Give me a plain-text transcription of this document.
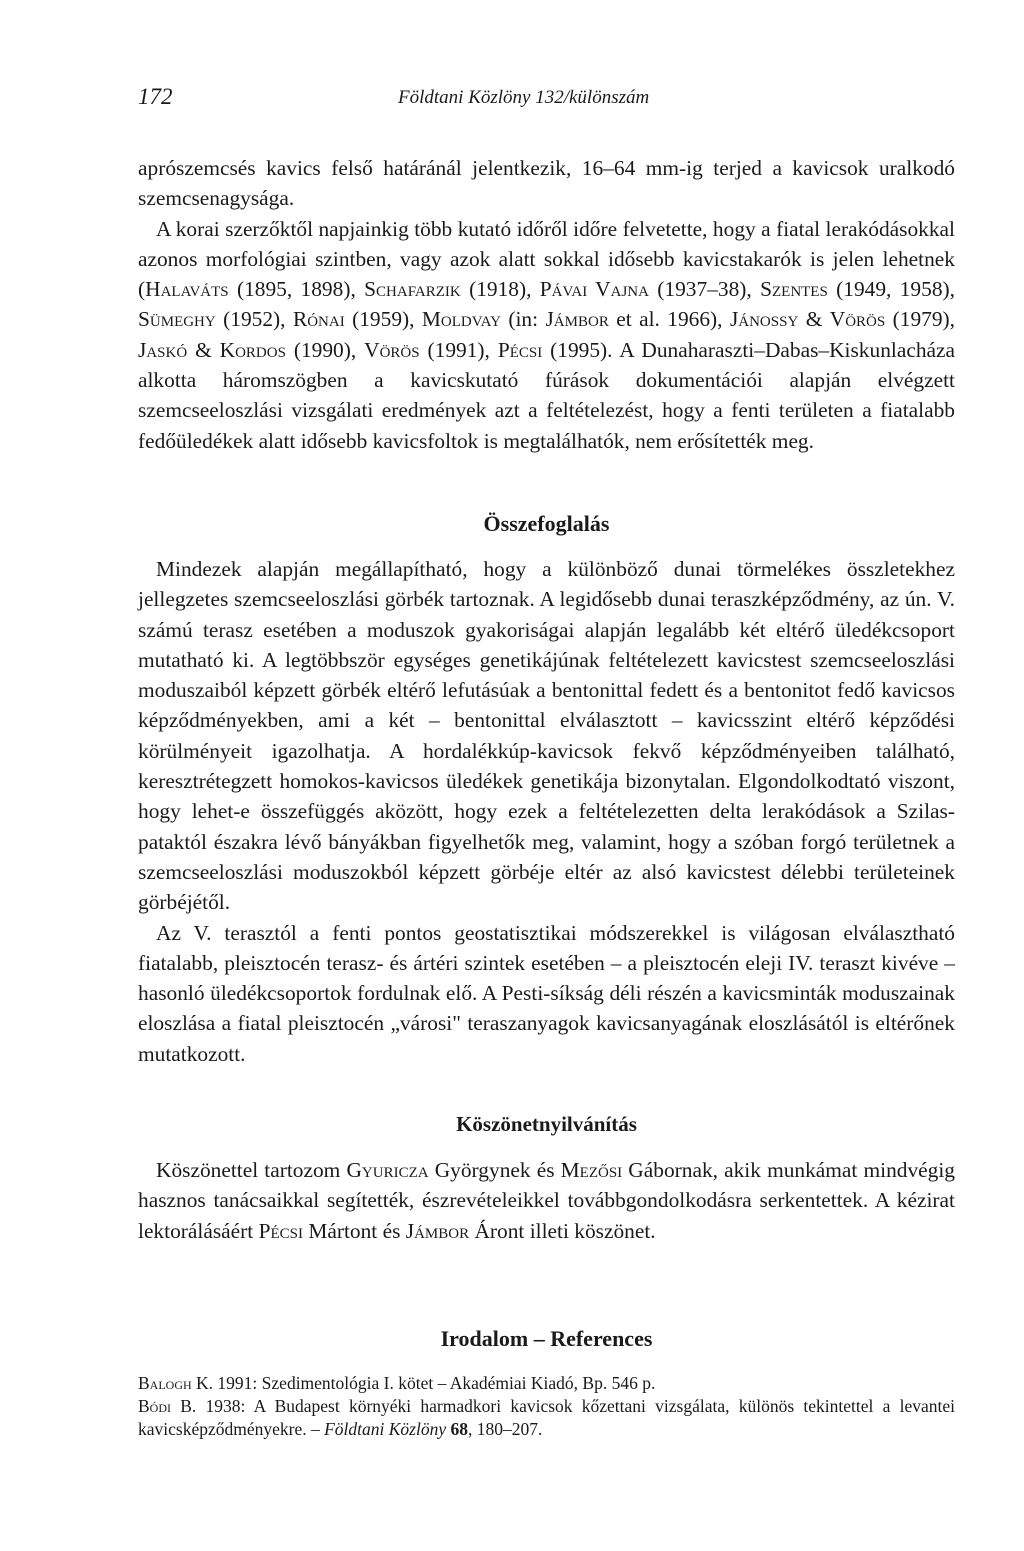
172	Földtani Közlöny 132/különszám

aprószemcsés kavics felső határánál jelentkezik, 16–64 mm-ig terjed a kavicsok uralkodó szemcsenagysága.

A korai szerzőktől napjainkig több kutató időről időre felvetette, hogy a fiatal lerakódásokkal azonos morfológiai szintben, vagy azok alatt sokkal idősebb kavicstakarók is jelen lehetnek (Halaváts (1895, 1898), Schafarzik (1918), Pávai Vajna (1937–38), Szentes (1949, 1958), Sümeghy (1952), Rónai (1959), Moldvay (in: Jámbor et al. 1966), Jánossy & Vörös (1979), Jaskó & Kordos (1990), Vörös (1991), Pécsi (1995). A Dunaharaszti–Dabas–Kiskunlacháza alkotta háromszögben a kavicskutató fúrások dokumentációi alapján elvégzett szemcseeloszlási vizsgálati eredmények azt a feltételezést, hogy a fenti területen a fiatalabb fedőüledékek alatt idősebb kavicsfoltok is megtalálhatók, nem erősítették meg.

Összefoglalás

Mindezek alapján megállapítható, hogy a különböző dunai törmelékes összletekhez jellegzetes szemcseeloszlási görbék tartoznak. A legidősebb dunai teraszképződmény, az ún. V. számú terasz esetében a moduszok gyakoriságai alapján legalább két eltérő üledékcsoport mutatható ki. A legtöbbször egységes genetikájúnak feltételezett kavicstest szemcseeloszlási moduszaiból képzett görbék eltérő lefutásúak a bentonittal fedett és a bentonitot fedő kavicsos képződményekben, ami a két – bentonittal elválasztott – kavicsszint eltérő képződési körülményeit igazolhatja. A hordalékkúp-kavicsok fekvő képződményeiben található, keresztrétegzett homokos-kavicsos üledékek genetikája bizonytalan. Elgondolkodtató viszont, hogy lehet-e összefüggés aközött, hogy ezek a feltételezetten delta lerakódások a Szilas-pataktól északra lévő bányákban figyelhetők meg, valamint, hogy a szóban forgó területnek a szemcseeloszlási moduszokból képzett görbéje eltér az alsó kavicstest délebbi területeinek görbéjétől.

Az V. terasztól a fenti pontos geostatisztikai módszerekkel is világosan elválasztható fiatalabb, pleisztocén terasz- és ártéri szintek esetében – a pleisztocén eleji IV. teraszt kivéve – hasonló üledékcsoportok fordulnak elő. A Pesti-síkság déli részén a kavicsminták moduszainak eloszlása a fiatal pleisztocén „városi" teraszanyagok kavicsanyagának eloszlásától is eltérőnek mutatkozott.

Köszönetnyilvánítás

Köszönettel tartozom Gyuricza Györgynek és Mezősi Gábornak, akik munkámat mindvégig hasznos tanácsaikkal segítették, észrevételeikkel továbbgondolkodásra serkentettek. A kézirat lektorálásáért Pécsi Mártont és Jámbor Áront illeti köszönet.

Irodalom – References

Balogh K. 1991: Szedimentológia I. kötet – Akadémiai Kiadó, Bp. 546 p.

Bódi B. 1938: A Budapest környéki harmadkori kavicsok kőzettani vizsgálata, különös tekintettel a levantei kavicsképződményekre. – Földtani Közlöny 68, 180–207.
